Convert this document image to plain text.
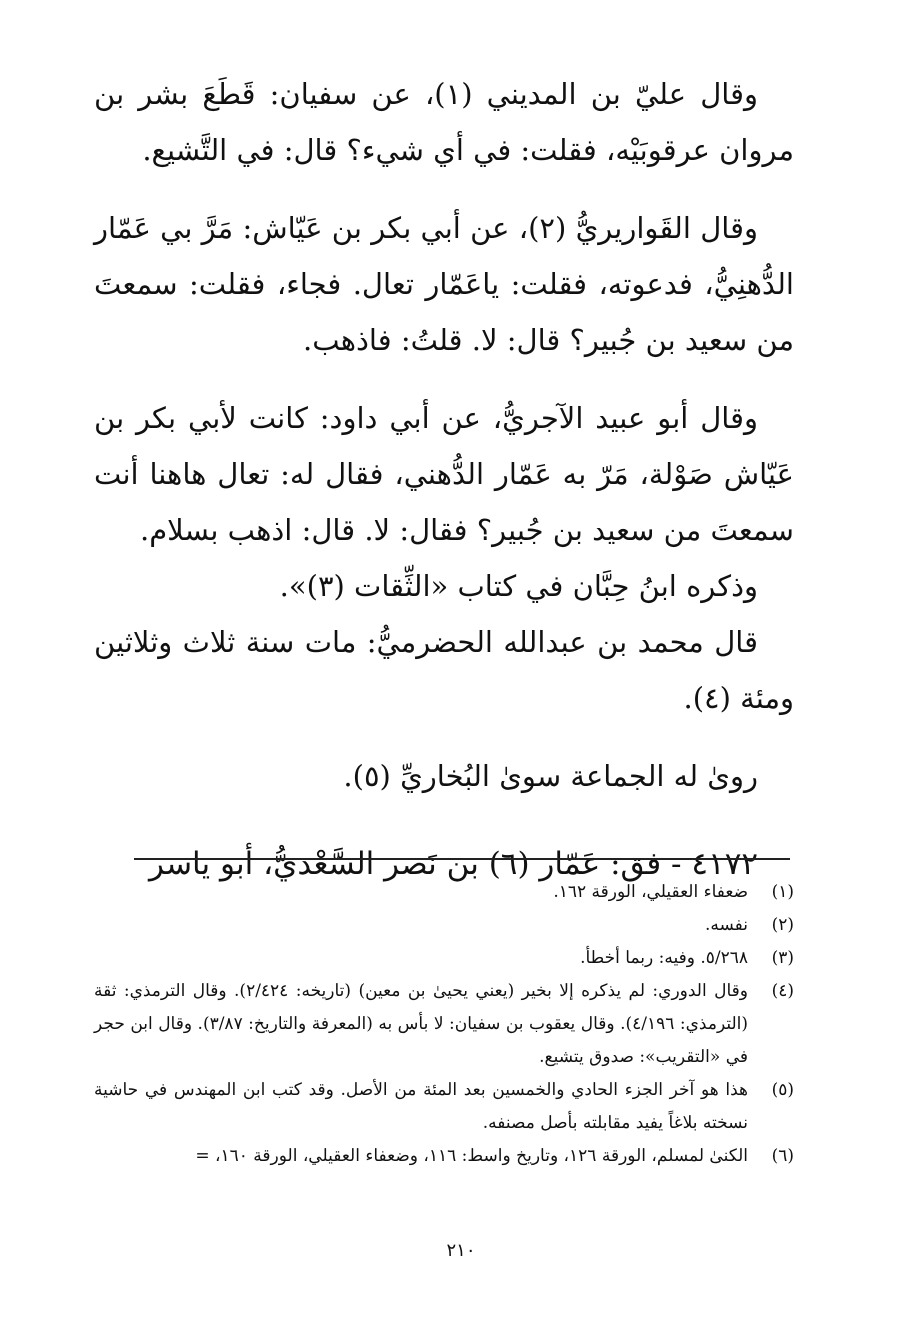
وقال عليّ بن المديني (١)، عن سفيان: قَطَعَ بشر بن مروان عرقوبَيْه، فقلت: في أي شيء؟ قال: في التَّشيع.

وقال القَواريريُّ (٢)، عن أبي بكر بن عَيّاش: مَرَّ بي عَمّار الدُّهنِيُّ، فدعوته، فقلت: ياعَمّار تعال. فجاء، فقلت: سمعتَ من سعيد بن جُبير؟ قال: لا. قلتُ: فاذهب.

وقال أبو عبيد الآجريُّ، عن أبي داود: كانت لأبي بكر بن عَيّاش صَوْلة، مَرّ به عَمّار الدُّهني، فقال له: تعال هاهنا أنت سمعتَ من سعيد بن جُبير؟ فقال: لا. قال: اذهب بسلام.

وذكره ابنُ حِبَّان في كتاب «الثِّقات (٣)».

قال محمد بن عبدالله الحضرميُّ: مات سنة ثلاث وثلاثين ومئة (٤).

روىٰ له الجماعة سوىٰ البُخاريِّ (٥).

٤١٧٢ - فق: عَمّار (٦) بن نَصر السَّعْديُّ، أبو ياسر

(١)
ضعفاء العقيلي، الورقة ١٦٢.
(٢)
نفسه.
(٣)
٥/٢٦٨. وفيه: ربما أخطأ.
(٤)
وقال الدوري: لم يذكره إلا بخير (يعني يحيىٰ بن معين) (تاريخه: ٢/٤٢٤). وقال الترمذي: ثقة (الترمذي: ٤/١٩٦). وقال يعقوب بن سفيان: لا بأس به (المعرفة والتاريخ: ٣/٨٧). وقال ابن حجر في «التقريب»: صدوق يتشيع.
(٥)
هذا هو آخر الجزء الحادي والخمسين بعد المئة من الأصل. وقد كتب ابن المهندس في حاشية نسخته بلاغاً يفيد مقابلته بأصل مصنفه.
(٦)
الكنىٰ لمسلم، الورقة ١٢٦، وتاريخ واسط: ١١٦، وضعفاء العقيلي، الورقة ١٦٠، =
٢١٠
